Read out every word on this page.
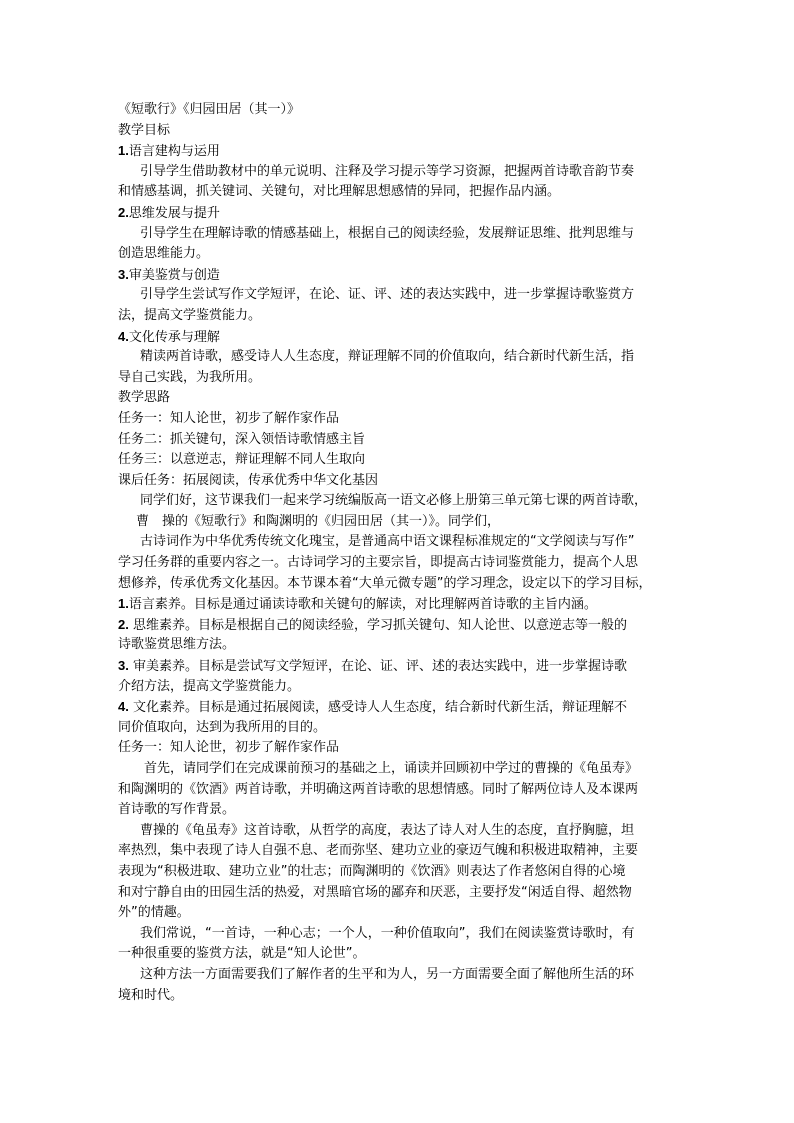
《短歌行》《归园田居（其一）》
教学目标
1.语言建构与运用
引导学生借助教材中的单元说明、注释及学习提示等学习资源，把握两首诗歌音韵节奏
和情感基调，抓关键词、关键句，对比理解思想感情的异同，把握作品内涵。
2.思维发展与提升
引导学生在理解诗歌的情感基础上，根据自己的阅读经验，发展辩证思维、批判思维与
创造思维能力。
3.审美鉴赏与创造
引导学生尝试写作文学短评，在论、证、评、述的表达实践中，进一步掌握诗歌鉴赏方
法，提高文学鉴赏能力。
4.文化传承与理解
精读两首诗歌，感受诗人人生态度，辩证理解不同的价值取向，结合新时代新生活，指
导自己实践，为我所用。
教学思路
任务一：知人论世，初步了解作家作品
任务二：抓关键句，深入领悟诗歌情感主旨
任务三：以意逆志，辩证理解不同人生取向
课后任务：拓展阅读，传承优秀中华文化基因
同学们好，这节课我们一起来学习统编版高一语文必修上册第三单元第七课的两首诗歌，
曹　操的《短歌行》和陶渊明的《归园田居（其一）》。同学们，
古诗词作为中华优秀传统文化瑰宝，是普通高中语文课程标准规定的“文学阅读与写作”
学习任务群的重要内容之一。古诗词学习的主要宗旨，即提高古诗词鉴赏能力，提高个人思
想修养，传承优秀文化基因。本节课本着“大单元微专题”的学习理念，设定以下的学习目标，
1.语言素养。目标是通过诵读诗歌和关键句的解读，对比理解两首诗歌的主旨内涵。
2. 思维素养。目标是根据自己的阅读经验，学习抓关键句、知人论世、以意逆志等一般的
诗歌鉴赏思维方法。
3. 审美素养。目标是尝试写文学短评，在论、证、评、述的表达实践中，进一步掌握诗歌
介绍方法，提高文学鉴赏能力。
4. 文化素养。目标是通过拓展阅读，感受诗人人生态度，结合新时代新生活，辩证理解不
同价值取向，达到为我所用的目的。
任务一：知人论世，初步了解作家作品
首先，请同学们在完成课前预习的基础之上，诵读并回顾初中学过的曹操的《龟虽寿》
和陶渊明的《饮酒》两首诗歌，并明确这两首诗歌的思想情感。同时了解两位诗人及本课两
首诗歌的写作背景。
曹操的《龟虽寿》这首诗歌，从哲学的高度，表达了诗人对人生的态度，直抒胸臆，坦
率热烈，集中表现了诗人自强不息、老而弥坚、建功立业的豪迈气魄和积极进取精神，主要
表现为“积极进取、建功立业”的壮志；而陶渊明的《饮酒》则表达了作者悠闲自得的心境
和对宁静自由的田园生活的热爱，对黑暗官场的鄙弃和厌恶，主要抒发“闲适自得、超然物
外”的情趣。
我们常说，“一首诗，一种心志；一个人，一种价值取向”，我们在阅读鉴赏诗歌时，有
一种很重要的鉴赏方法，就是“知人论世”。
这种方法一方面需要我们了解作者的生平和为人，另一方面需要全面了解他所生活的环
境和时代。
